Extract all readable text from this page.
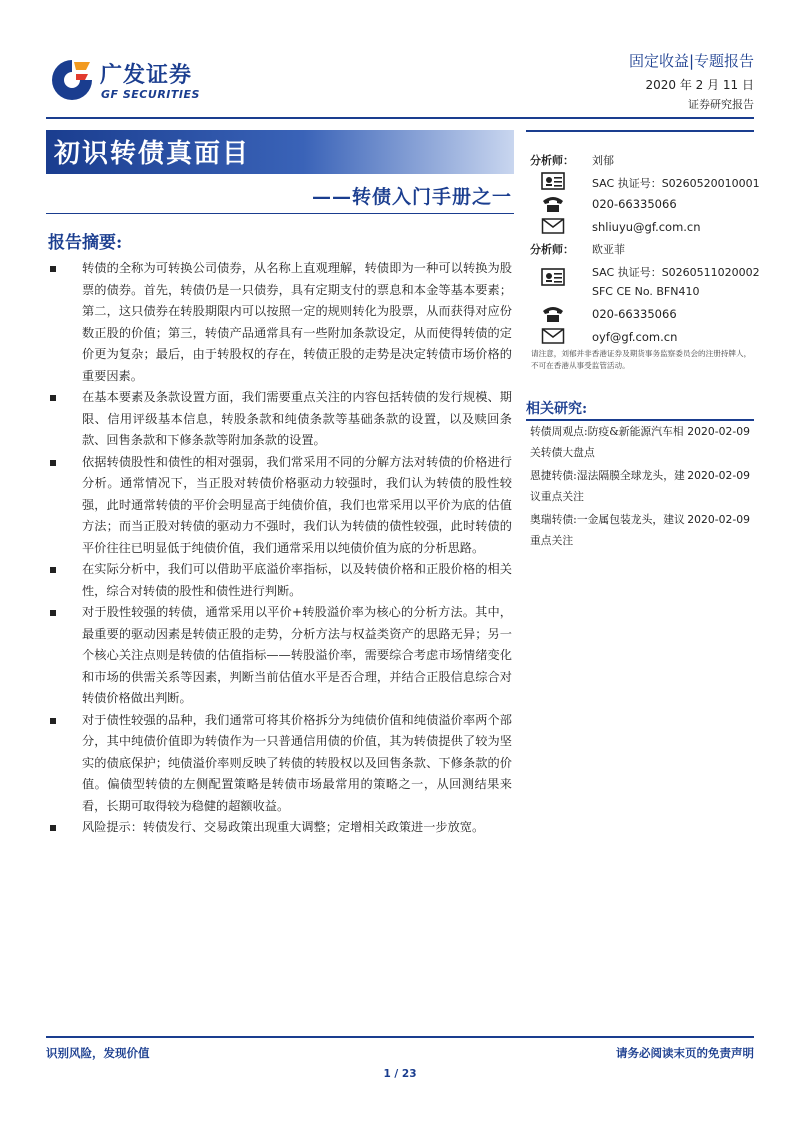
广发证券
GF SECURITIES
固定收益|专题报告
2020 年 2 月 11 日
证券研究报告
初识转债真面目
——转债入门手册之一
报告摘要:
转债的全称为可转换公司债券，从名称上直观理解，转债即为一种可以转换为股票的债券。首先，转债仍是一只债券，具有定期支付的票息和本金等基本要素；第二，这只债券在转股期限内可以按照一定的规则转化为股票，从而获得对应份数正股的价值；第三，转债产品通常具有一些附加条款设定，从而使得转债的定价更为复杂；最后，由于转股权的存在，转债正股的走势是决定转债市场价格的重要因素。
在基本要素及条款设置方面，我们需要重点关注的内容包括转债的发行规模、期限、信用评级基本信息，转股条款和纯债条款等基础条款的设置，以及赎回条款、回售条款和下修条款等附加条款的设置。
依据转债股性和债性的相对强弱，我们常采用不同的分解方法对转债的价格进行分析。通常情况下，当正股对转债价格驱动力较强时，我们认为转债的股性较强，此时通常转债的平价会明显高于纯债价值，我们也常采用以平价为底的估值方法；而当正股对转债的驱动力不强时，我们认为转债的债性较强，此时转债的平价往往已明显低于纯债价值，我们通常采用以纯债价值为底的分析思路。
在实际分析中，我们可以借助平底溢价率指标，以及转债价格和正股价格的相关性，综合对转债的股性和债性进行判断。
对于股性较强的转债，通常采用以平价+转股溢价率为核心的分析方法。其中，最重要的驱动因素是转债正股的走势，分析方法与权益类资产的思路无异；另一个核心关注点则是转债的估值指标——转股溢价率，需要综合考虑市场情绪变化和市场的供需关系等因素，判断当前估值水平是否合理，并结合正股信息综合对转债价格做出判断。
对于债性较强的品种，我们通常可将其价格拆分为纯债价值和纯债溢价率两个部分，其中纯债价值即为转债作为一只普通信用债的价值，其为转债提供了较为坚实的债底保护；纯债溢价率则反映了转债的转股权以及回售条款、下修条款的价值。偏债型转债的左侧配置策略是转债市场最常用的策略之一，从回测结果来看，长期可取得较为稳健的超额收益。
风险提示：转债发行、交易政策出现重大调整；定增相关政策进一步放宽。
分析师： 刘郁
SAC 执证号：S0260520010001
020-66335066
shliuyu@gf.com.cn
分析师： 欧亚菲
SAC 执证号：S0260511020002
SFC CE No. BFN410
020-66335066
oyf@gf.com.cn
请注意，刘郁并非香港证券及期货事务监察委员会的注册持牌人，不可在香港从事受监管活动。
相关研究:
转债周观点:防疫&新能源汽车相关转债大盘点
2020-02-09
恩捷转债:湿法隔膜全球龙头，建议重点关注
2020-02-09
奥瑞转债:一金属包装龙头，建议重点关注
2020-02-09
识别风险，发现价值	请务必阅读末页的免责声明
1 / 23
